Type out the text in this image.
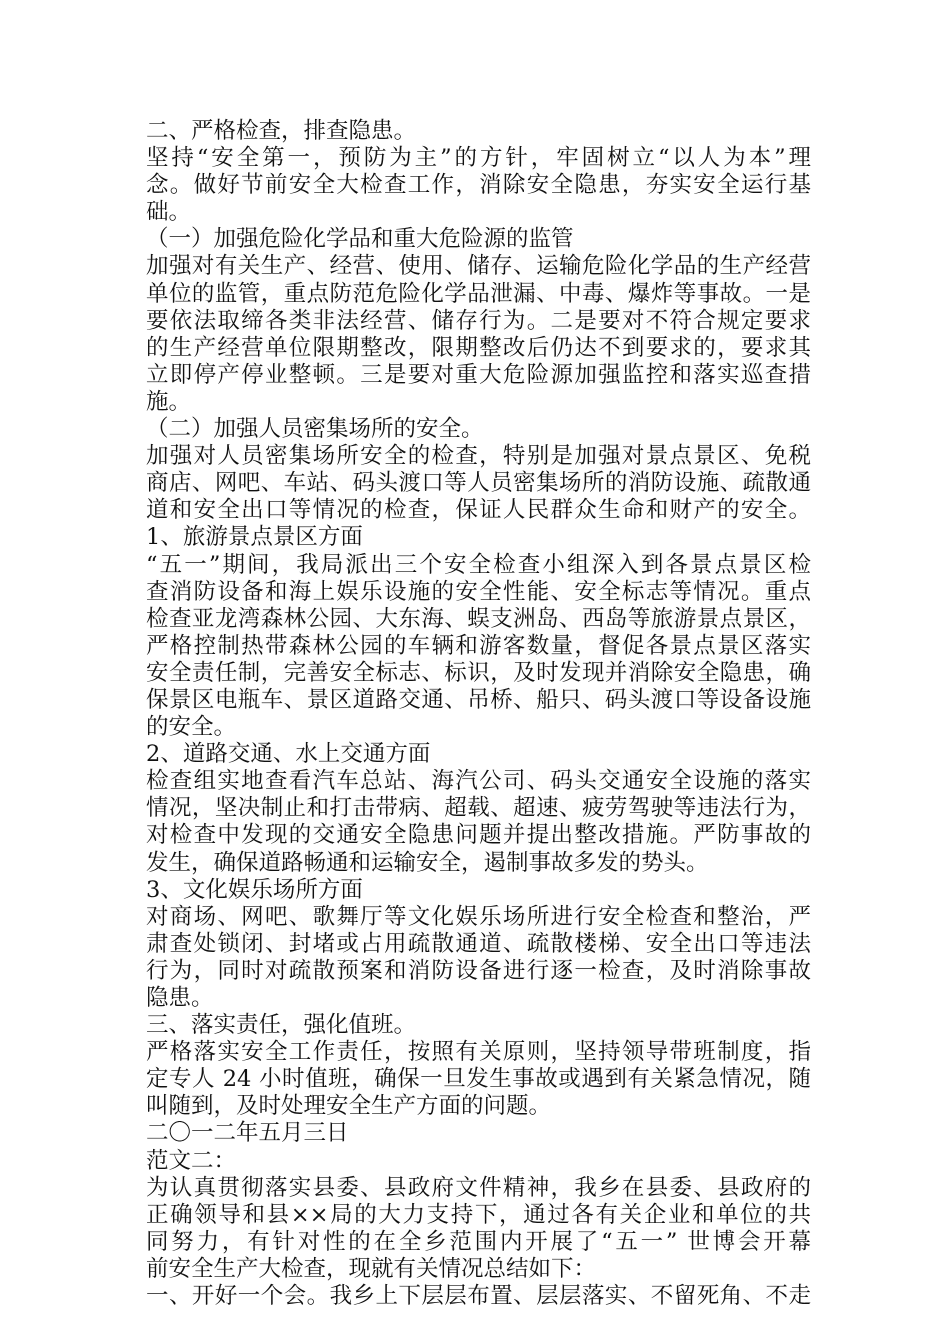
二、严格检查，排查隐患。
坚持“安全第一，预防为主”的方针，牢固树立“以人为本”理
念。做好节前安全大检查工作，消除安全隐患，夯实安全运行基
础。
（一）加强危险化学品和重大危险源的监管
加强对有关生产、经营、使用、储存、运输危险化学品的生产经营
单位的监管，重点防范危险化学品泄漏、中毒、爆炸等事故。一是
要依法取缔各类非法经营、储存行为。二是要对不符合规定要求
的生产经营单位限期整改，限期整改后仍达不到要求的，要求其
立即停产停业整顿。三是要对重大危险源加强监控和落实巡查措
施。
（二）加强人员密集场所的安全。
加强对人员密集场所安全的检查，特别是加强对景点景区、免税
商店、网吧、车站、码头渡口等人员密集场所的消防设施、疏散通
道和安全出口等情况的检查，保证人民群众生命和财产的安全。
1、旅游景点景区方面
“五一”期间，我局派出三个安全检查小组深入到各景点景区检
查消防设备和海上娱乐设施的安全性能、安全标志等情况。重点
检查亚龙湾森林公园、大东海、蜈支洲岛、西岛等旅游景点景区，
严格控制热带森林公园的车辆和游客数量，督促各景点景区落实
安全责任制，完善安全标志、标识，及时发现并消除安全隐患，确
保景区电瓶车、景区道路交通、吊桥、船只、码头渡口等设备设施
的安全。
2、道路交通、水上交通方面
检查组实地查看汽车总站、海汽公司、码头交通安全设施的落实
情况，坚决制止和打击带病、超载、超速、疲劳驾驶等违法行为，
对检查中发现的交通安全隐患问题并提出整改措施。严防事故的
发生，确保道路畅通和运输安全，遏制事故多发的势头。
3、文化娱乐场所方面
对商场、网吧、歌舞厅等文化娱乐场所进行安全检查和整治，严
肃查处锁闭、封堵或占用疏散通道、疏散楼梯、安全出口等违法
行为，同时对疏散预案和消防设备进行逐一检查，及时消除事故
隐患。
三、落实责任，强化值班。
严格落实安全工作责任，按照有关原则，坚持领导带班制度，指
定专人 24 小时值班，确保一旦发生事故或遇到有关紧急情况，随
叫随到，及时处理安全生产方面的问题。
二〇一二年五月三日
范文二：
为认真贯彻落实县委、县政府文件精神，我乡在县委、县政府的
正确领导和县××局的大力支持下，通过各有关企业和单位的共
同努力，有针对性的在全乡范围内开展了“五一” 世博会开幕
前安全生产大检查，现就有关情况总结如下：
一、开好一个会。我乡上下层层布置、层层落实、不留死角、不走
